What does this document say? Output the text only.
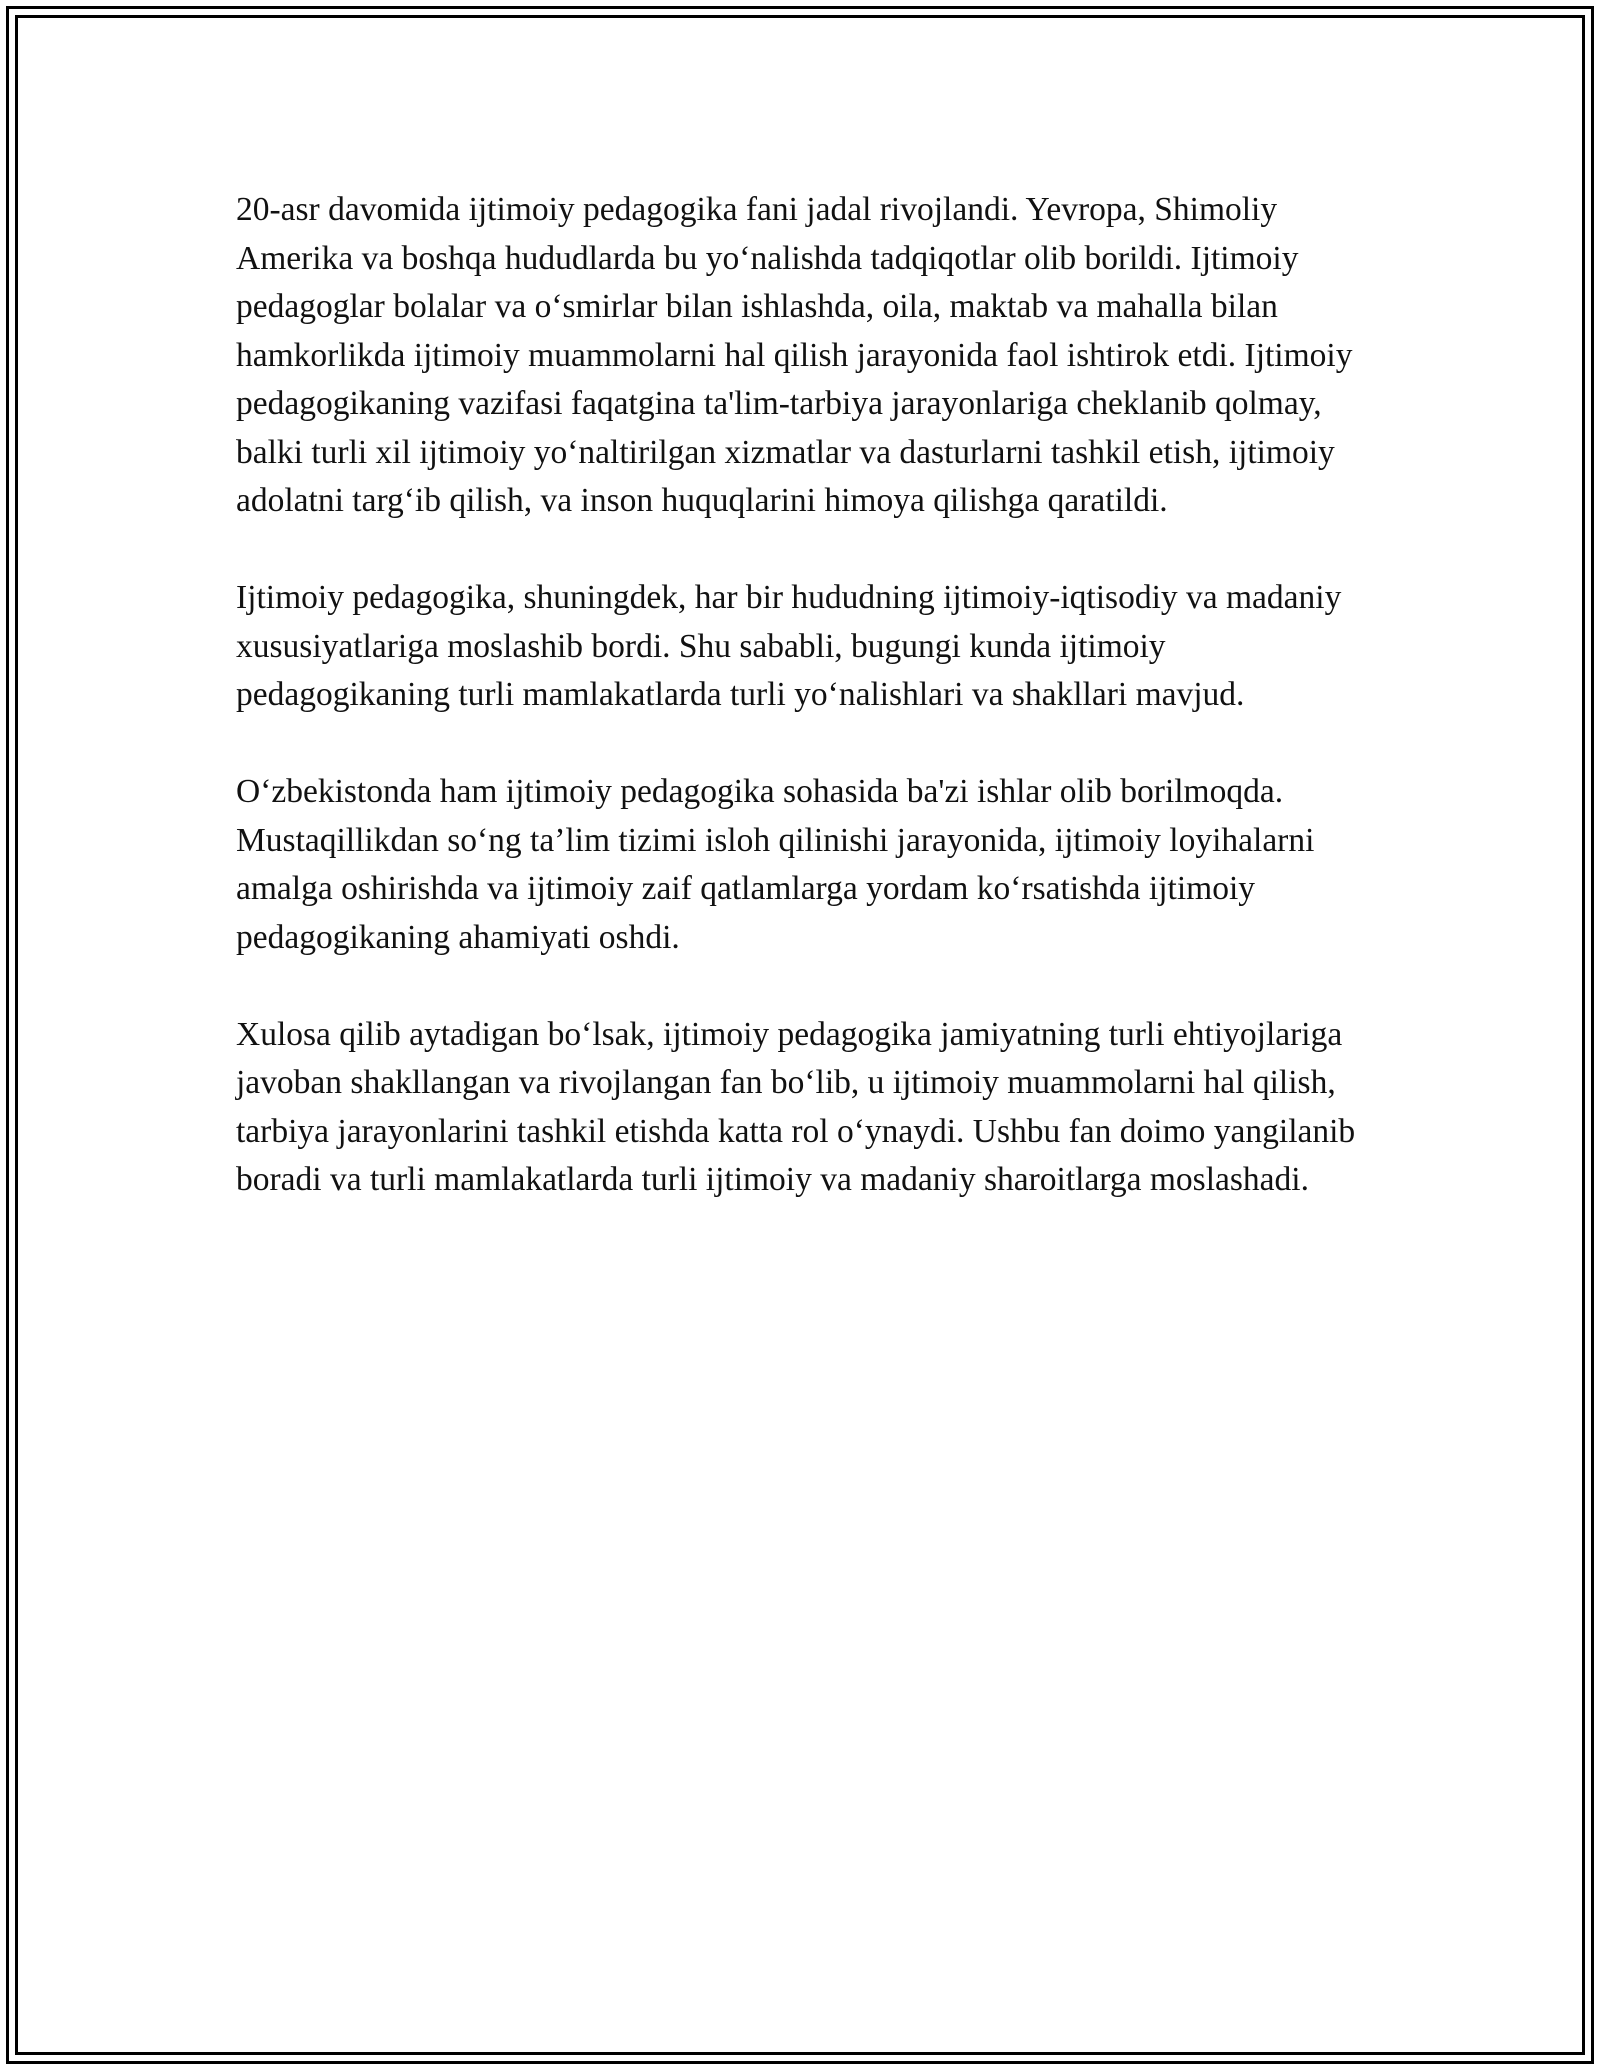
20-asr davomida ijtimoiy pedagogika fani jadal rivojlandi. Yevropa, Shimoliy Amerika va boshqa hududlarda bu yo‘nalishda tadqiqotlar olib borildi. Ijtimoiy pedagoglar bolalar va o‘smirlar bilan ishlashda, oila, maktab va mahalla bilan hamkorlikda ijtimoiy muammolarni hal qilish jarayonida faol ishtirok etdi. Ijtimoiy pedagogikaning vazifasi faqatgina ta'lim-tarbiya jarayonlariga cheklanib qolmay, balki turli xil ijtimoiy yo‘naltirilgan xizmatlar va dasturlarni tashkil etish, ijtimoiy adolatni targ‘ib qilish, va inson huquqlarini himoya qilishga qaratildi.

Ijtimoiy pedagogika, shuningdek, har bir hududning ijtimoiy-iqtisodiy va madaniy xususiyatlariga moslashib bordi. Shu sababli, bugungi kunda ijtimoiy pedagogikaning turli mamlakatlarda turli yo‘nalishlari va shakllari mavjud.

O‘zbekistonda ham ijtimoiy pedagogika sohasida ba'zi ishlar olib borilmoqda. Mustaqillikdan so‘ng ta’lim tizimi isloh qilinishi jarayonida, ijtimoiy loyihalarni amalga oshirishda va ijtimoiy zaif qatlamlarga yordam ko‘rsatishda ijtimoiy pedagogikaning ahamiyati oshdi.

Xulosa qilib aytadigan bo‘lsak, ijtimoiy pedagogika jamiyatning turli ehtiyojlariga javoban shakllangan va rivojlangan fan bo‘lib, u ijtimoiy muammolarni hal qilish, tarbiya jarayonlarini tashkil etishda katta rol o‘ynaydi. Ushbu fan doimo yangilanib boradi va turli mamlakatlarda turli ijtimoiy va madaniy sharoitlarga moslashadi.
